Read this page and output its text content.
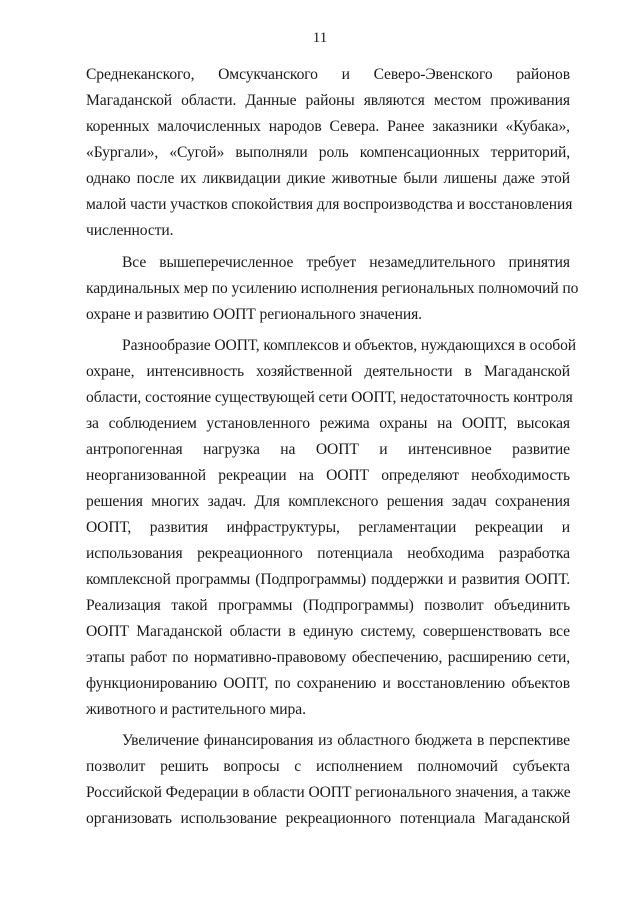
11
Среднеканского, Омсукчанского и Северо-Эвенского районов
Магаданской области. Данные районы являются местом проживания
коренных малочисленных народов Севера. Ранее заказники «Кубака»,
«Бургали», «Сугой» выполняли роль компенсационных территорий,
однако после их ликвидации дикие животные были лишены даже этой
малой части участков спокойствия для воспроизводства и восстановления
численности.
Все вышеперечисленное требует незамедлительного принятия
кардинальных мер по усилению исполнения региональных полномочий по
охране и развитию ООПТ регионального значения.
Разнообразие ООПТ, комплексов и объектов, нуждающихся в особой
охране, интенсивность хозяйственной деятельности в Магаданской
области, состояние существующей сети ООПТ, недостаточность контроля
за соблюдением установленного режима охраны на ООПТ, высокая
антропогенная нагрузка на ООПТ и интенсивное развитие
неорганизованной рекреации на ООПТ определяют необходимость
решения многих задач. Для комплексного решения задач сохранения
ООПТ, развития инфраструктуры, регламентации рекреации и
использования рекреационного потенциала необходима разработка
комплексной программы (Подпрограммы) поддержки и развития ООПТ.
Реализация такой программы (Подпрограммы) позволит объединить
ООПТ Магаданской области в единую систему, совершенствовать все
этапы работ по нормативно-правовому обеспечению, расширению сети,
функционированию ООПТ, по сохранению и восстановлению объектов
животного и растительного мира.
Увеличение финансирования из областного бюджета в перспективе
позволит решить вопросы с исполнением полномочий субъекта
Российской Федерации в области ООПТ регионального значения, а также
организовать использование рекреационного потенциала Магаданской
